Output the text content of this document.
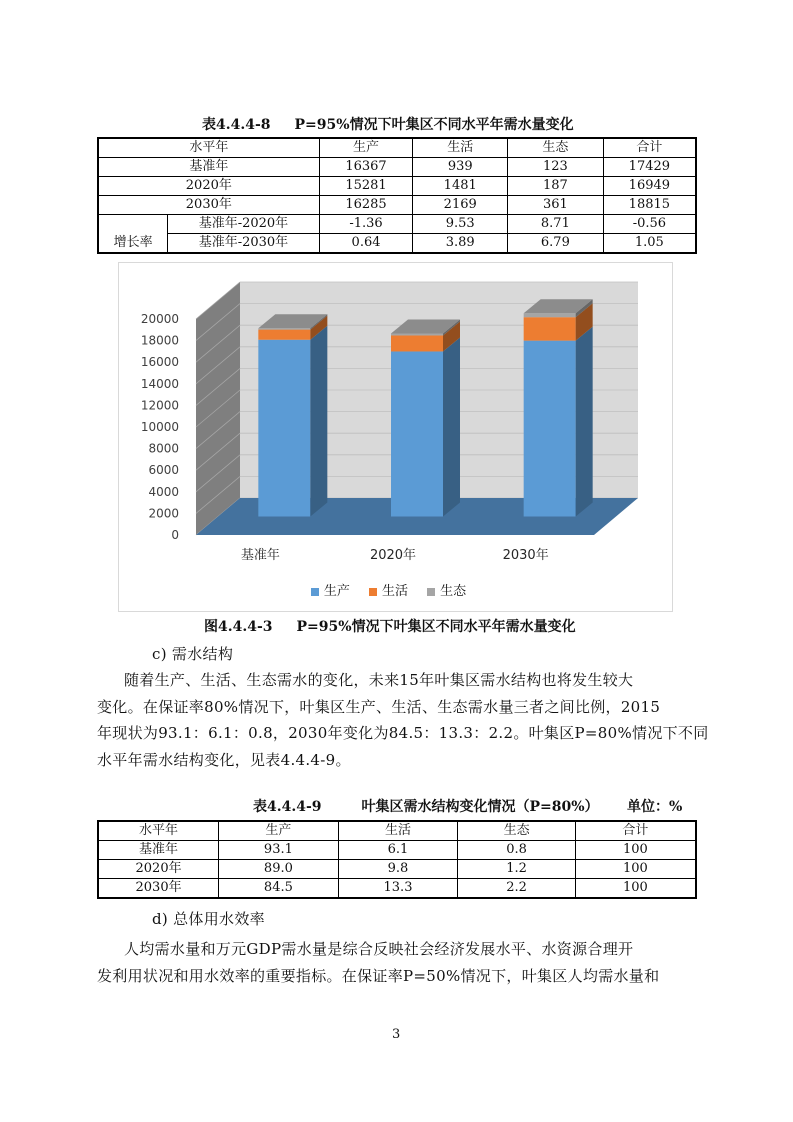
表4.4.4-8 P=95%情况下叶集区不同水平年需水量变化
水平年		生产	生活	生态	合计
基准年		16367	939	123	17429
2020年		15281	1481	187	16949
2030年		16285	2169	361	18815
增长率	基准年-2020年	-1.36	9.53	8.71	-0.56
	基准年-2030年	0.64	3.89	6.79	1.05
0
2000
4000
6000
8000
10000
12000
14000
16000
18000
20000
基准年	2020年	2030年
生产 生活 生态
图4.4.4-3 P=95%情况下叶集区不同水平年需水量变化
c) 需水结构
随着生产、生活、生态需水的变化，未来15年叶集区需水结构也将发生较大
变化。在保证率80%情况下，叶集区生产、生活、生态需水量三者之间比例，2015
年现状为93.1：6.1：0.8，2030年变化为84.5：13.3：2.2。叶集区P=80%情况下不同
水平年需水结构变化，见表4.4.4-9。
表4.4.4-9	叶集区需水结构变化情况（P=80%） 单位：%
水平年	生产	生活	生态	合计
基准年	93.1	6.1	0.8	100
2020年	89.0	9.8	1.2	100
2030年	84.5	13.3	2.2	100
d) 总体用水效率
人均需水量和万元GDP需水量是综合反映社会经济发展水平、水资源合理开
发利用状况和用水效率的重要指标。在保证率P=50%情况下，叶集区人均需水量和
3
